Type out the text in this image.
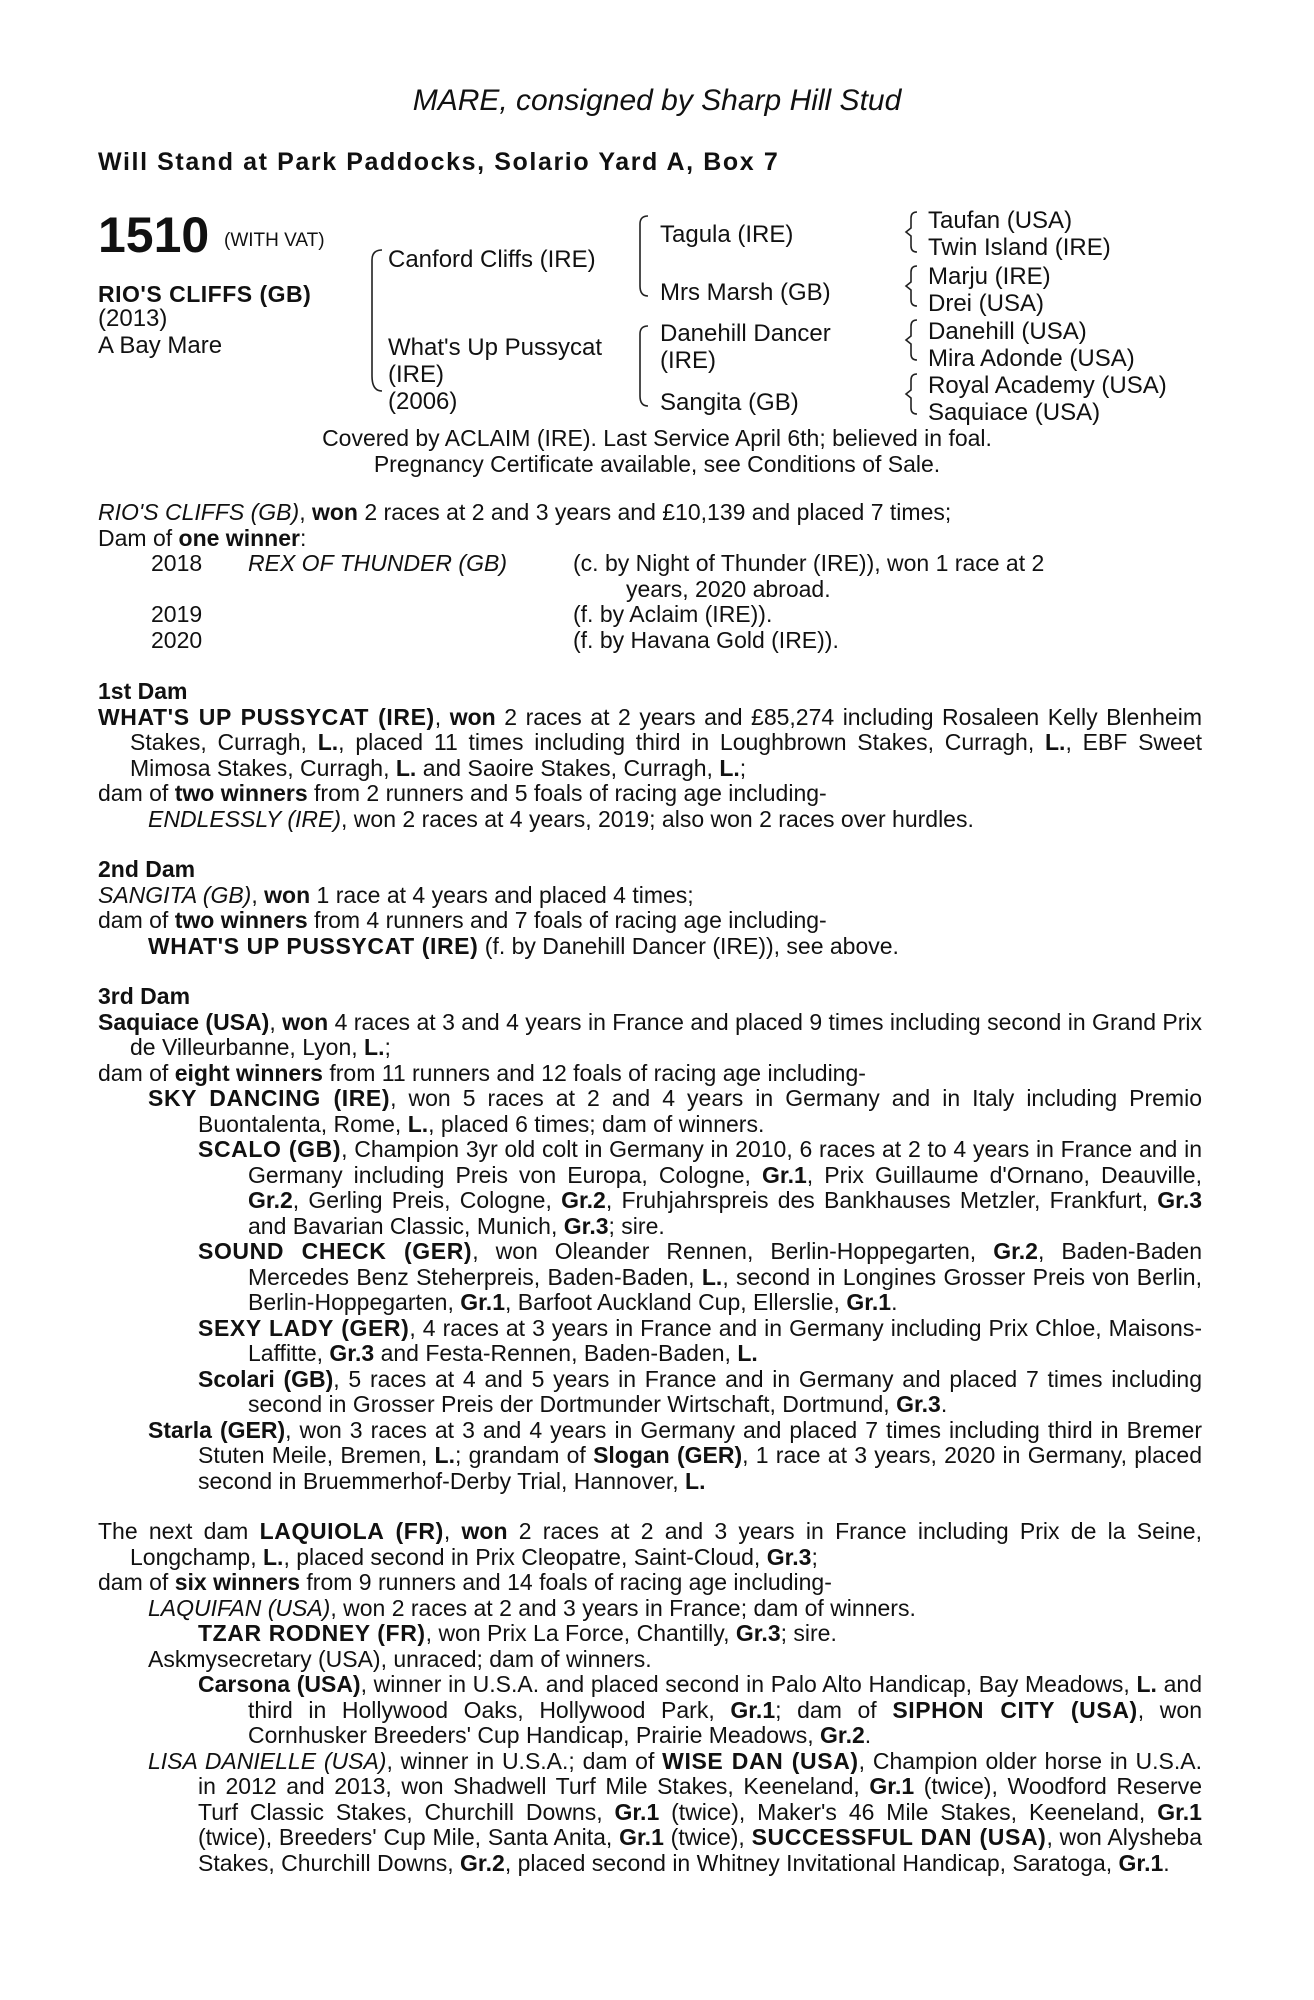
MARE, consigned by Sharp Hill Stud
Will Stand at Park Paddocks, Solario Yard A, Box 7
1510 (WITH VAT)
RIO'S CLIFFS (GB)
(2013)
A Bay Mare
Canford Cliffs (IRE)
What's Up Pussycat
(IRE)
(2006)
Tagula (IRE)
Mrs Marsh (GB)
Danehill Dancer
(IRE)
Sangita (GB)
Taufan (USA)
Twin Island (IRE)
Marju (IRE)
Drei (USA)
Danehill (USA)
Mira Adonde (USA)
Royal Academy (USA)
Saquiace (USA)
Covered by ACLAIM (IRE). Last Service April 6th; believed in foal.
Pregnancy Certificate available, see Conditions of Sale.

RIO'S CLIFFS (GB), won 2 races at 2 and 3 years and £10,139 and placed 7 times;

Dam of one winner:

2018 REX OF THUNDER (GB)	(c. by Night of Thunder (IRE)), won 1 race at 2
years, 2020 abroad.
2019	(f. by Aclaim (IRE)).
2020	(f. by Havana Gold (IRE)).

1st Dam

WHAT'S UP PUSSYCAT (IRE), won 2 races at 2 years and £85,274 including Rosaleen Kelly Blenheim Stakes, Curragh, L., placed 11 times including third in Loughbrown Stakes, Curragh, L., EBF Sweet Mimosa Stakes, Curragh, L. and Saoire Stakes, Curragh, L.;

dam of two winners from 2 runners and 5 foals of racing age including-

ENDLESSLY (IRE), won 2 races at 4 years, 2019; also won 2 races over hurdles.

2nd Dam

SANGITA (GB), won 1 race at 4 years and placed 4 times;

dam of two winners from 4 runners and 7 foals of racing age including-

WHAT'S UP PUSSYCAT (IRE) (f. by Danehill Dancer (IRE)), see above.

3rd Dam

Saquiace (USA), won 4 races at 3 and 4 years in France and placed 9 times including second in Grand Prix de Villeurbanne, Lyon, L.;

dam of eight winners from 11 runners and 12 foals of racing age including-

SKY DANCING (IRE), won 5 races at 2 and 4 years in Germany and in Italy including Premio Buontalenta, Rome, L., placed 6 times; dam of winners.

SCALO (GB), Champion 3yr old colt in Germany in 2010, 6 races at 2 to 4 years in France and in Germany including Preis von Europa, Cologne, Gr.1, Prix Guillaume d'Ornano, Deauville, Gr.2, Gerling Preis, Cologne, Gr.2, Fruhjahrspreis des Bankhauses Metzler, Frankfurt, Gr.3 and Bavarian Classic, Munich, Gr.3; sire.

SOUND CHECK (GER), won Oleander Rennen, Berlin-Hoppegarten, Gr.2, Baden-Baden Mercedes Benz Steherpreis, Baden-Baden, L., second in Longines Grosser Preis von Berlin, Berlin-Hoppegarten, Gr.1, Barfoot Auckland Cup, Ellerslie, Gr.1.

SEXY LADY (GER), 4 races at 3 years in France and in Germany including Prix Chloe, Maisons-Laffitte, Gr.3 and Festa-Rennen, Baden-Baden, L.

Scolari (GB), 5 races at 4 and 5 years in France and in Germany and placed 7 times including second in Grosser Preis der Dortmunder Wirtschaft, Dortmund, Gr.3.

Starla (GER), won 3 races at 3 and 4 years in Germany and placed 7 times including third in Bremer Stuten Meile, Bremen, L.; grandam of Slogan (GER), 1 race at 3 years, 2020 in Germany, placed second in Bruemmerhof-Derby Trial, Hannover, L.

The next dam LAQUIOLA (FR), won 2 races at 2 and 3 years in France including Prix de la Seine, Longchamp, L., placed second in Prix Cleopatre, Saint-Cloud, Gr.3;

dam of six winners from 9 runners and 14 foals of racing age including-

LAQUIFAN (USA), won 2 races at 2 and 3 years in France; dam of winners.

TZAR RODNEY (FR), won Prix La Force, Chantilly, Gr.3; sire.

Askmysecretary (USA), unraced; dam of winners.

Carsona (USA), winner in U.S.A. and placed second in Palo Alto Handicap, Bay Meadows, L. and third in Hollywood Oaks, Hollywood Park, Gr.1; dam of SIPHON CITY (USA), won Cornhusker Breeders' Cup Handicap, Prairie Meadows, Gr.2.

LISA DANIELLE (USA), winner in U.S.A.; dam of WISE DAN (USA), Champion older horse in U.S.A. in 2012 and 2013, won Shadwell Turf Mile Stakes, Keeneland, Gr.1 (twice), Woodford Reserve Turf Classic Stakes, Churchill Downs, Gr.1 (twice), Maker's 46 Mile Stakes, Keeneland, Gr.1 (twice), Breeders' Cup Mile, Santa Anita, Gr.1 (twice), SUCCESSFUL DAN (USA), won Alysheba Stakes, Churchill Downs, Gr.2, placed second in Whitney Invitational Handicap, Saratoga, Gr.1.
